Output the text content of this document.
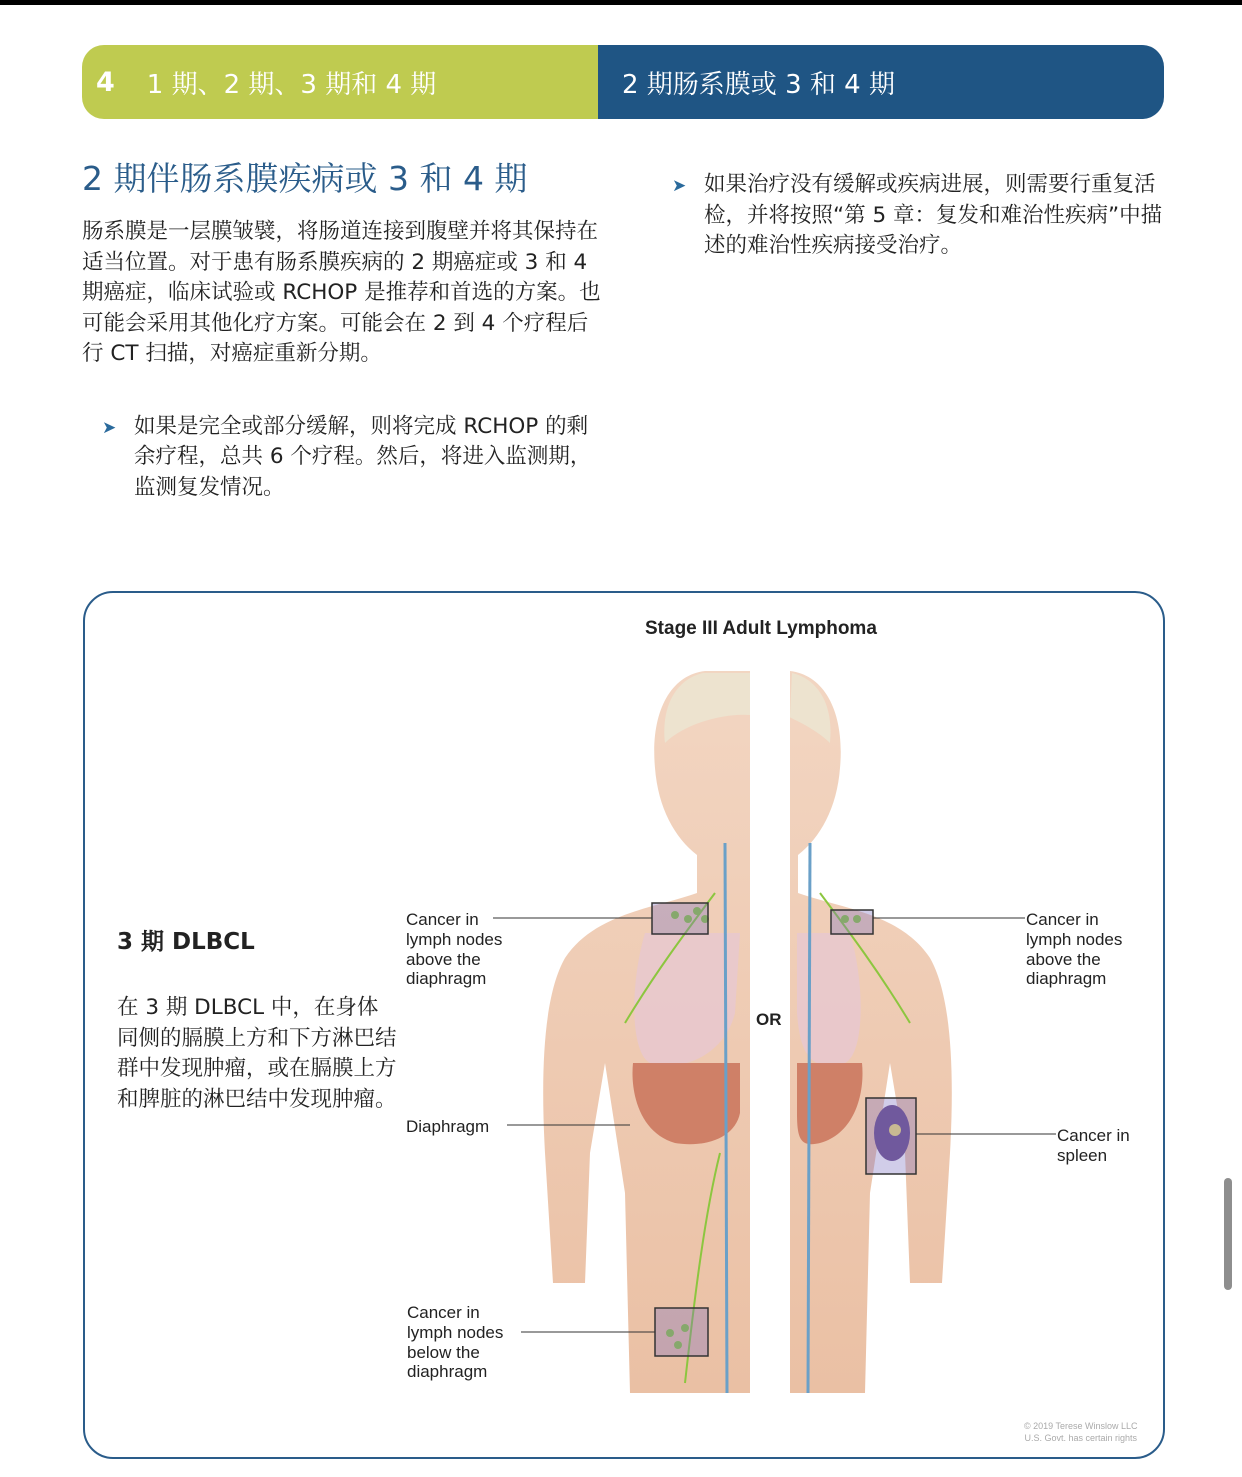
4 1 期、2 期、3 期和 4 期	2 期肠系膜或 3 和 4 期
2 期伴肠系膜疾病或 3 和 4 期

肠系膜是一层膜皱襞，将肠道连接到腹壁并将其保持在适当位置。对于患有肠系膜疾病的 2 期癌症或 3 和 4 期癌症，临床试验或 RCHOP 是推荐和首选的方案。也可能会采用其他化疗方案。可能会在 2 到 4 个疗程后行 CT 扫描，对癌症重新分期。

➤ 如果是完全或部分缓解，则将完成 RCHOP 的剩余疗程，总共 6 个疗程。然后，将进入监测期，监测复发情况。
➤ 如果治疗没有缓解或疾病进展，则需要行重复活检，并将按照“第 5 章：复发和难治性疾病”中描述的难治性疾病接受治疗。
3 期 DLBCL
在 3 期 DLBCL 中，在身体同侧的膈膜上方和下方淋巴结群中发现肿瘤，或在膈膜上方和脾脏的淋巴结中发现肿瘤。
Stage III Adult Lymphoma
OR
Cancer in lymph nodes above the diaphragm
Diaphragm
Cancer in lymph nodes below the diaphragm
Cancer in lymph nodes above the diaphragm
Cancer in spleen
© 2019 Terese Winslow LLC U.S. Govt. has certain rights
